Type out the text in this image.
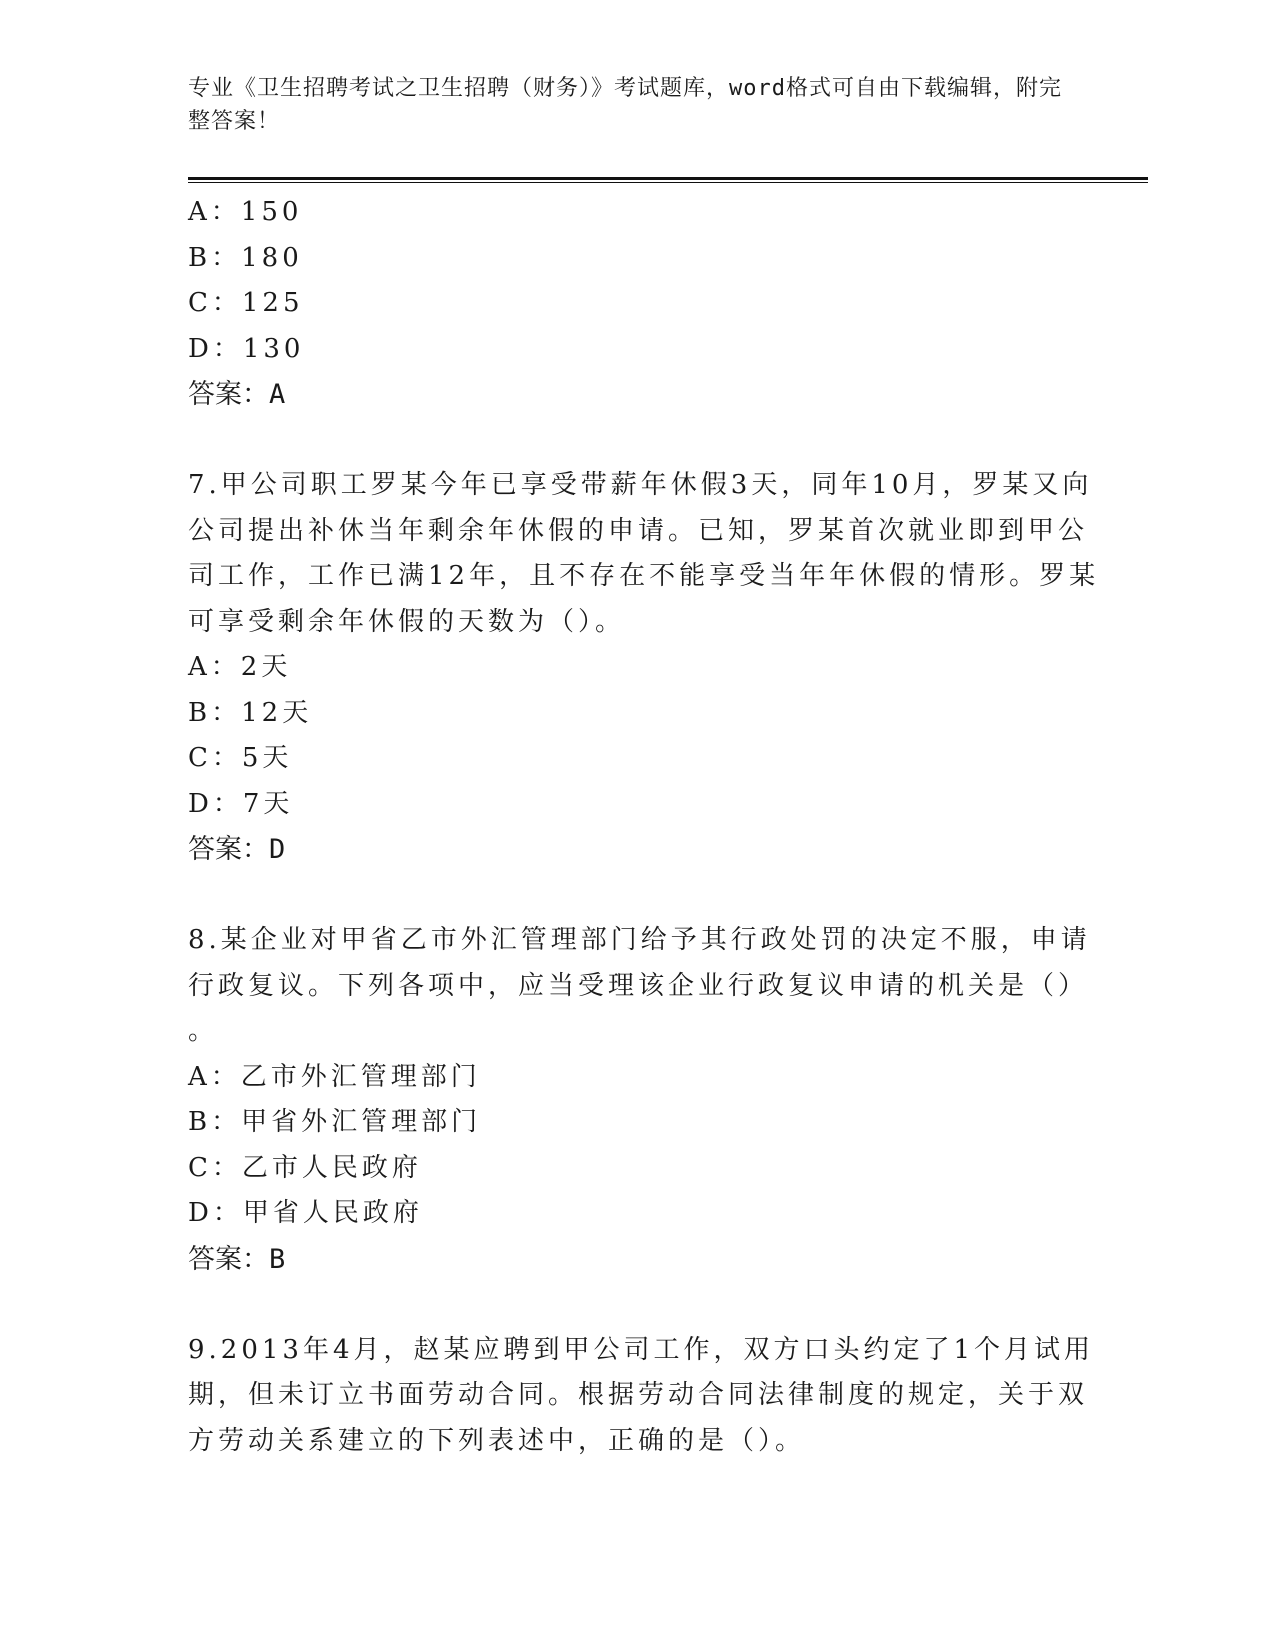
专业《卫生招聘考试之卫生招聘（财务）》考试题库，word格式可自由下载编辑，附完整答案！
A：150
B：180
C：125
D：130
答案：A
7.甲公司职工罗某今年已享受带薪年休假3天，同年10月，罗某又向
公司提出补休当年剩余年休假的申请。已知，罗某首次就业即到甲公
司工作，工作已满12年，且不存在不能享受当年年休假的情形。罗某
可享受剩余年休假的天数为（）。
A：2天
B：12天
C：5天
D：7天
答案：D
8.某企业对甲省乙市外汇管理部门给予其行政处罚的决定不服，申请
行政复议。下列各项中，应当受理该企业行政复议申请的机关是（）
。
A：乙市外汇管理部门
B：甲省外汇管理部门
C：乙市人民政府
D：甲省人民政府
答案：B
9.2013年4月，赵某应聘到甲公司工作，双方口头约定了1个月试用
期，但未订立书面劳动合同。根据劳动合同法律制度的规定，关于双
方劳动关系建立的下列表述中，正确的是（）。
